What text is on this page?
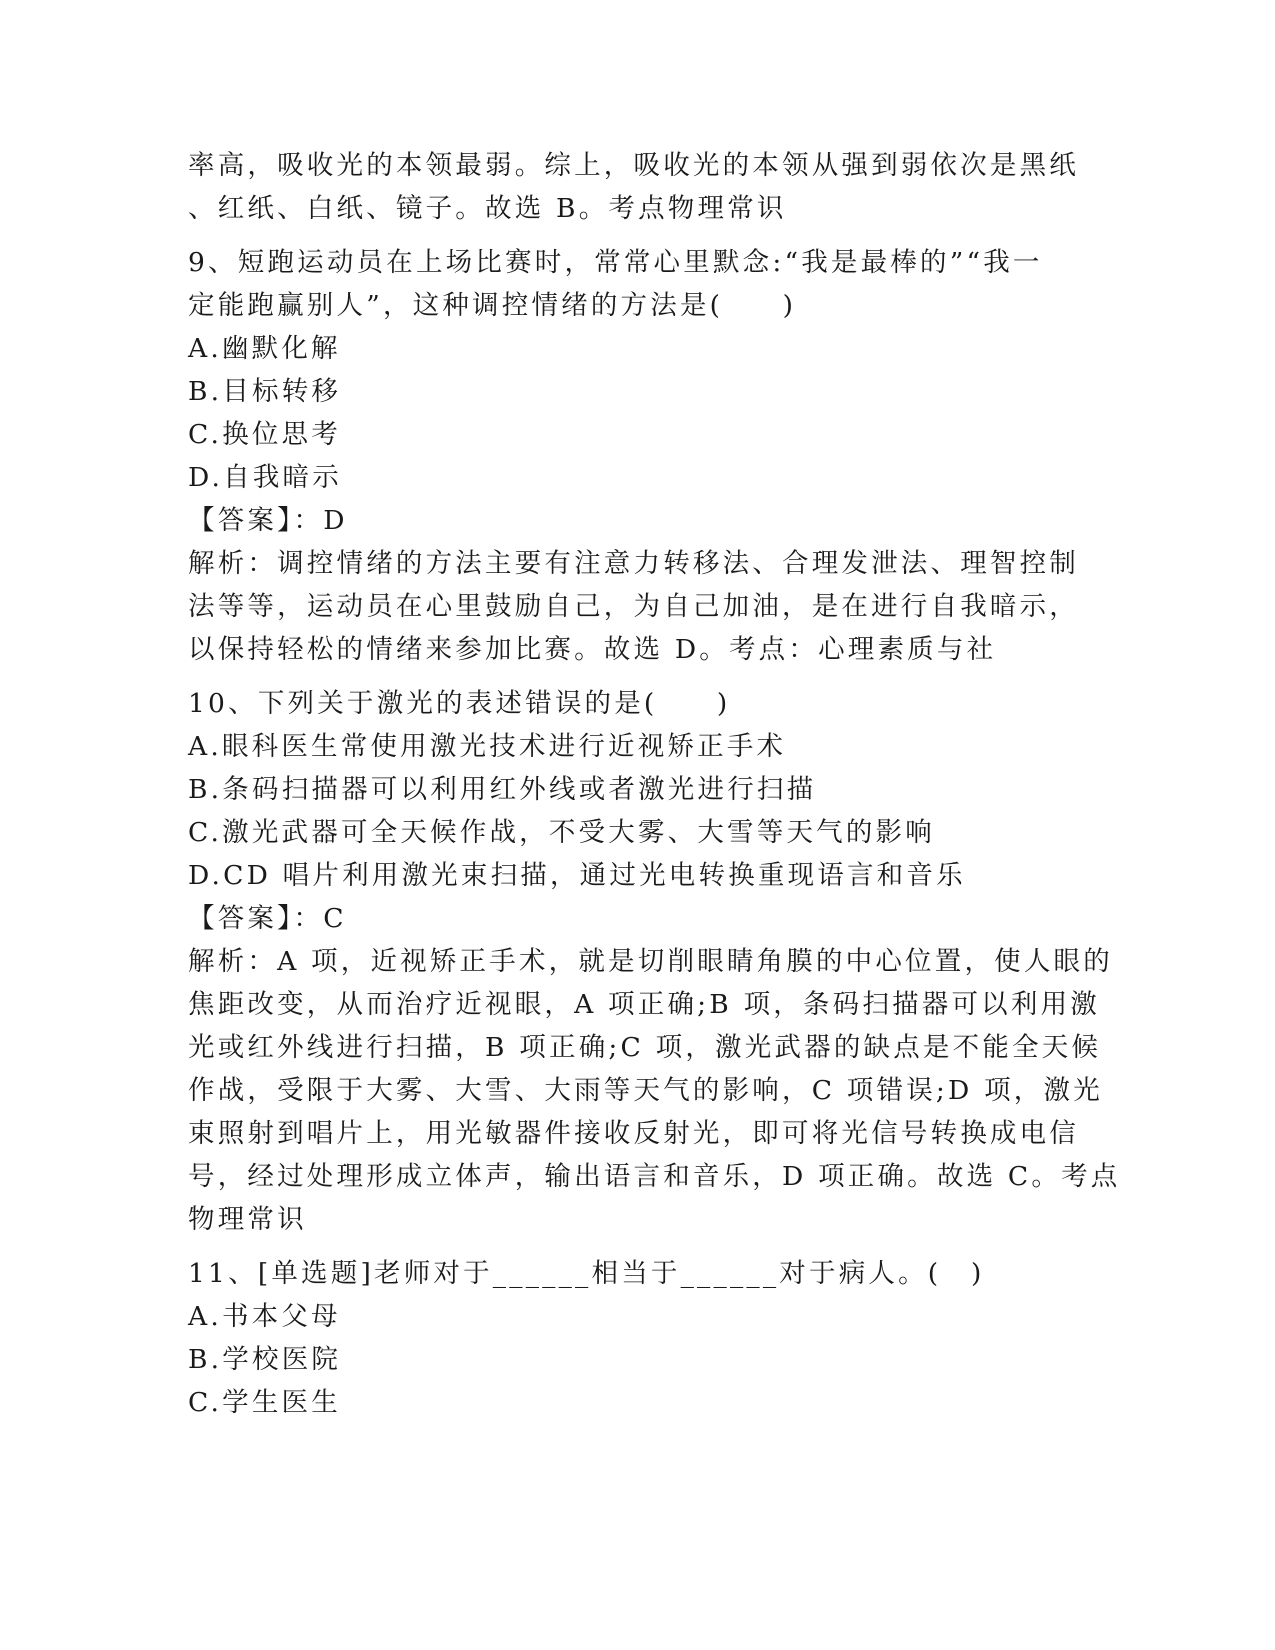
率高，吸收光的本领最弱。综上，吸收光的本领从强到弱依次是黑纸
、红纸、白纸、镜子。故选 B。考点物理常识
9、短跑运动员在上场比赛时，常常心里默念:“我是最棒的”“我一
定能跑赢别人”，这种调控情绪的方法是(　　)
A.幽默化解
B.目标转移
C.换位思考
D.自我暗示
【答案】：D
解析：调控情绪的方法主要有注意力转移法、合理发泄法、理智控制
法等等，运动员在心里鼓励自己，为自己加油，是在进行自我暗示，
以保持轻松的情绪来参加比赛。故选 D。考点：心理素质与社
10、下列关于激光的表述错误的是(　　)
A.眼科医生常使用激光技术进行近视矫正手术
B.条码扫描器可以利用红外线或者激光进行扫描
C.激光武器可全天候作战，不受大雾、大雪等天气的影响
D.CD 唱片利用激光束扫描，通过光电转换重现语言和音乐
【答案】：C
解析：A 项，近视矫正手术，就是切削眼睛角膜的中心位置，使人眼的
焦距改变，从而治疗近视眼，A 项正确;B 项，条码扫描器可以利用激
光或红外线进行扫描，B 项正确;C 项，激光武器的缺点是不能全天候
作战，受限于大雾、大雪、大雨等天气的影响，C 项错误;D 项，激光
束照射到唱片上，用光敏器件接收反射光，即可将光信号转换成电信
号，经过处理形成立体声，输出语言和音乐，D 项正确。故选 C。考点
物理常识
11、[单选题]老师对于______相当于______对于病人。(　)
A.书本父母
B.学校医院
C.学生医生
